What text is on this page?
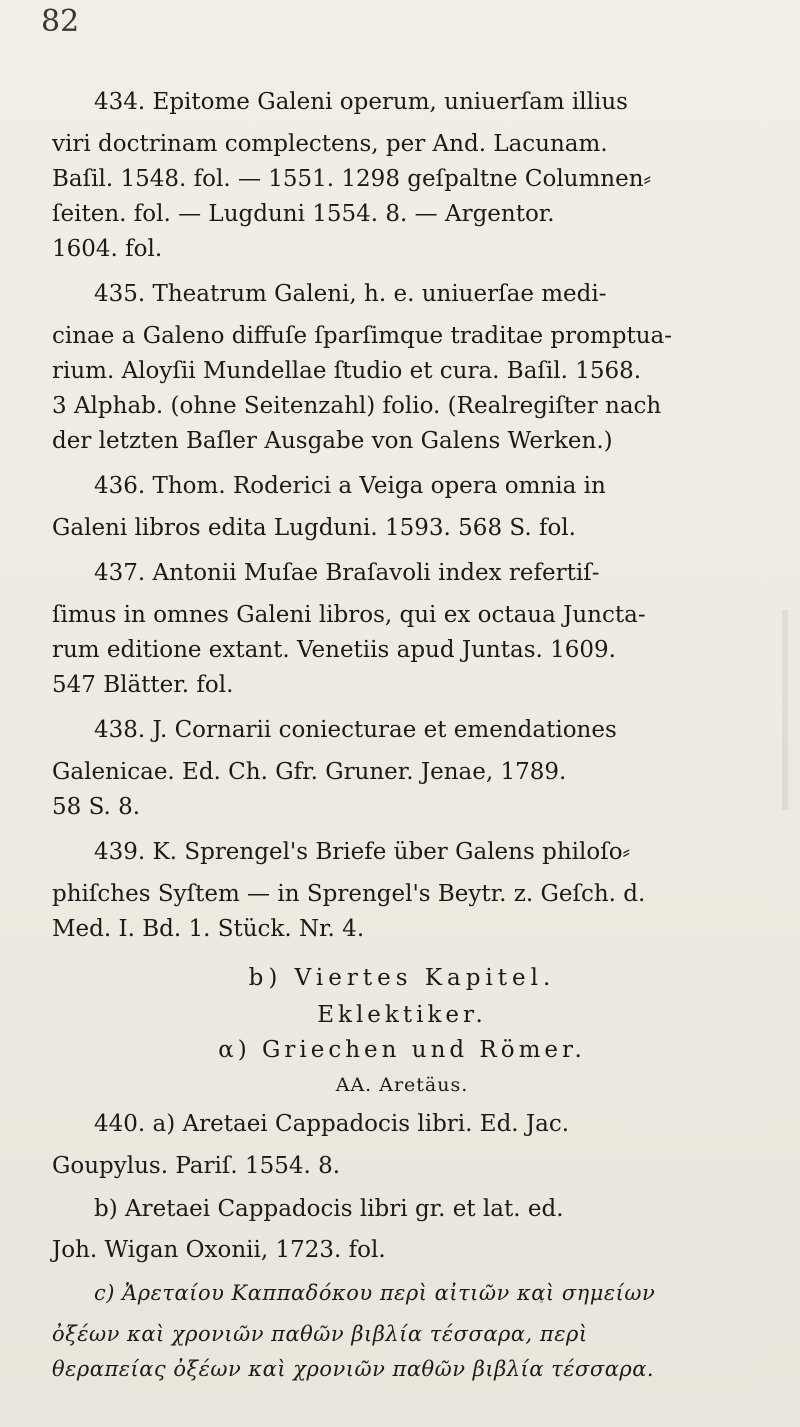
82

434. Epitome Galeni operum, uniuerſam illius

viri doctrinam complectens, per And. Lacunam.

Baſil. 1548. fol. — 1551. 1298 geſpaltne Columnen⸗

ſeiten. fol. — Lugduni 1554. 8. — Argentor.

1604. fol.

435. Theatrum Galeni, h. e. uniuerſae medi-

cinae a Galeno diffuſe ſparſimque traditae promptua-

rium. Aloyſii Mundellae ſtudio et cura. Baſil. 1568.

3 Alphab. (ohne Seitenzahl) folio. (Realregiſter nach

der letzten Baſler Ausgabe von Galens Werken.)

436. Thom. Roderici a Veiga opera omnia in

Galeni libros edita Lugduni. 1593. 568 S. fol.

437. Antonii Muſae Braſavoli index refertiſ-

ſimus in omnes Galeni libros, qui ex octaua Juncta-

rum editione extant. Venetiis apud Juntas. 1609.

547 Blätter. fol.

438. J. Cornarii coniecturae et emendationes

Galenicae. Ed. Ch. Gfr. Gruner. Jenae, 1789.

58 S. 8.

439. K. Sprengel's Briefe über Galens philoſo⸗

phiſches Syſtem — in Sprengel's Beytr. z. Geſch. d.

Med. I. Bd. 1. Stück. Nr. 4.

b) Viertes Kapitel.

Eklektiker.

α) Griechen und Römer.

AA. Aretäus.

440. a) Aretaei Cappadocis libri. Ed. Jac.

Goupylus. Pariſ. 1554. 8.

b) Aretaei Cappadocis libri gr. et lat. ed.

Joh. Wigan Oxonii, 1723. fol.

c) Ἀρεταίου Καππαδόκου περὶ αἰτιῶν καὶ σημείων

ὀξέων καὶ χρονιῶν παθῶν βιβλία τέσσαρα, περὶ

θεραπείας ὀξέων καὶ χρονιῶν παθῶν βιβλία τέσσαρα.
